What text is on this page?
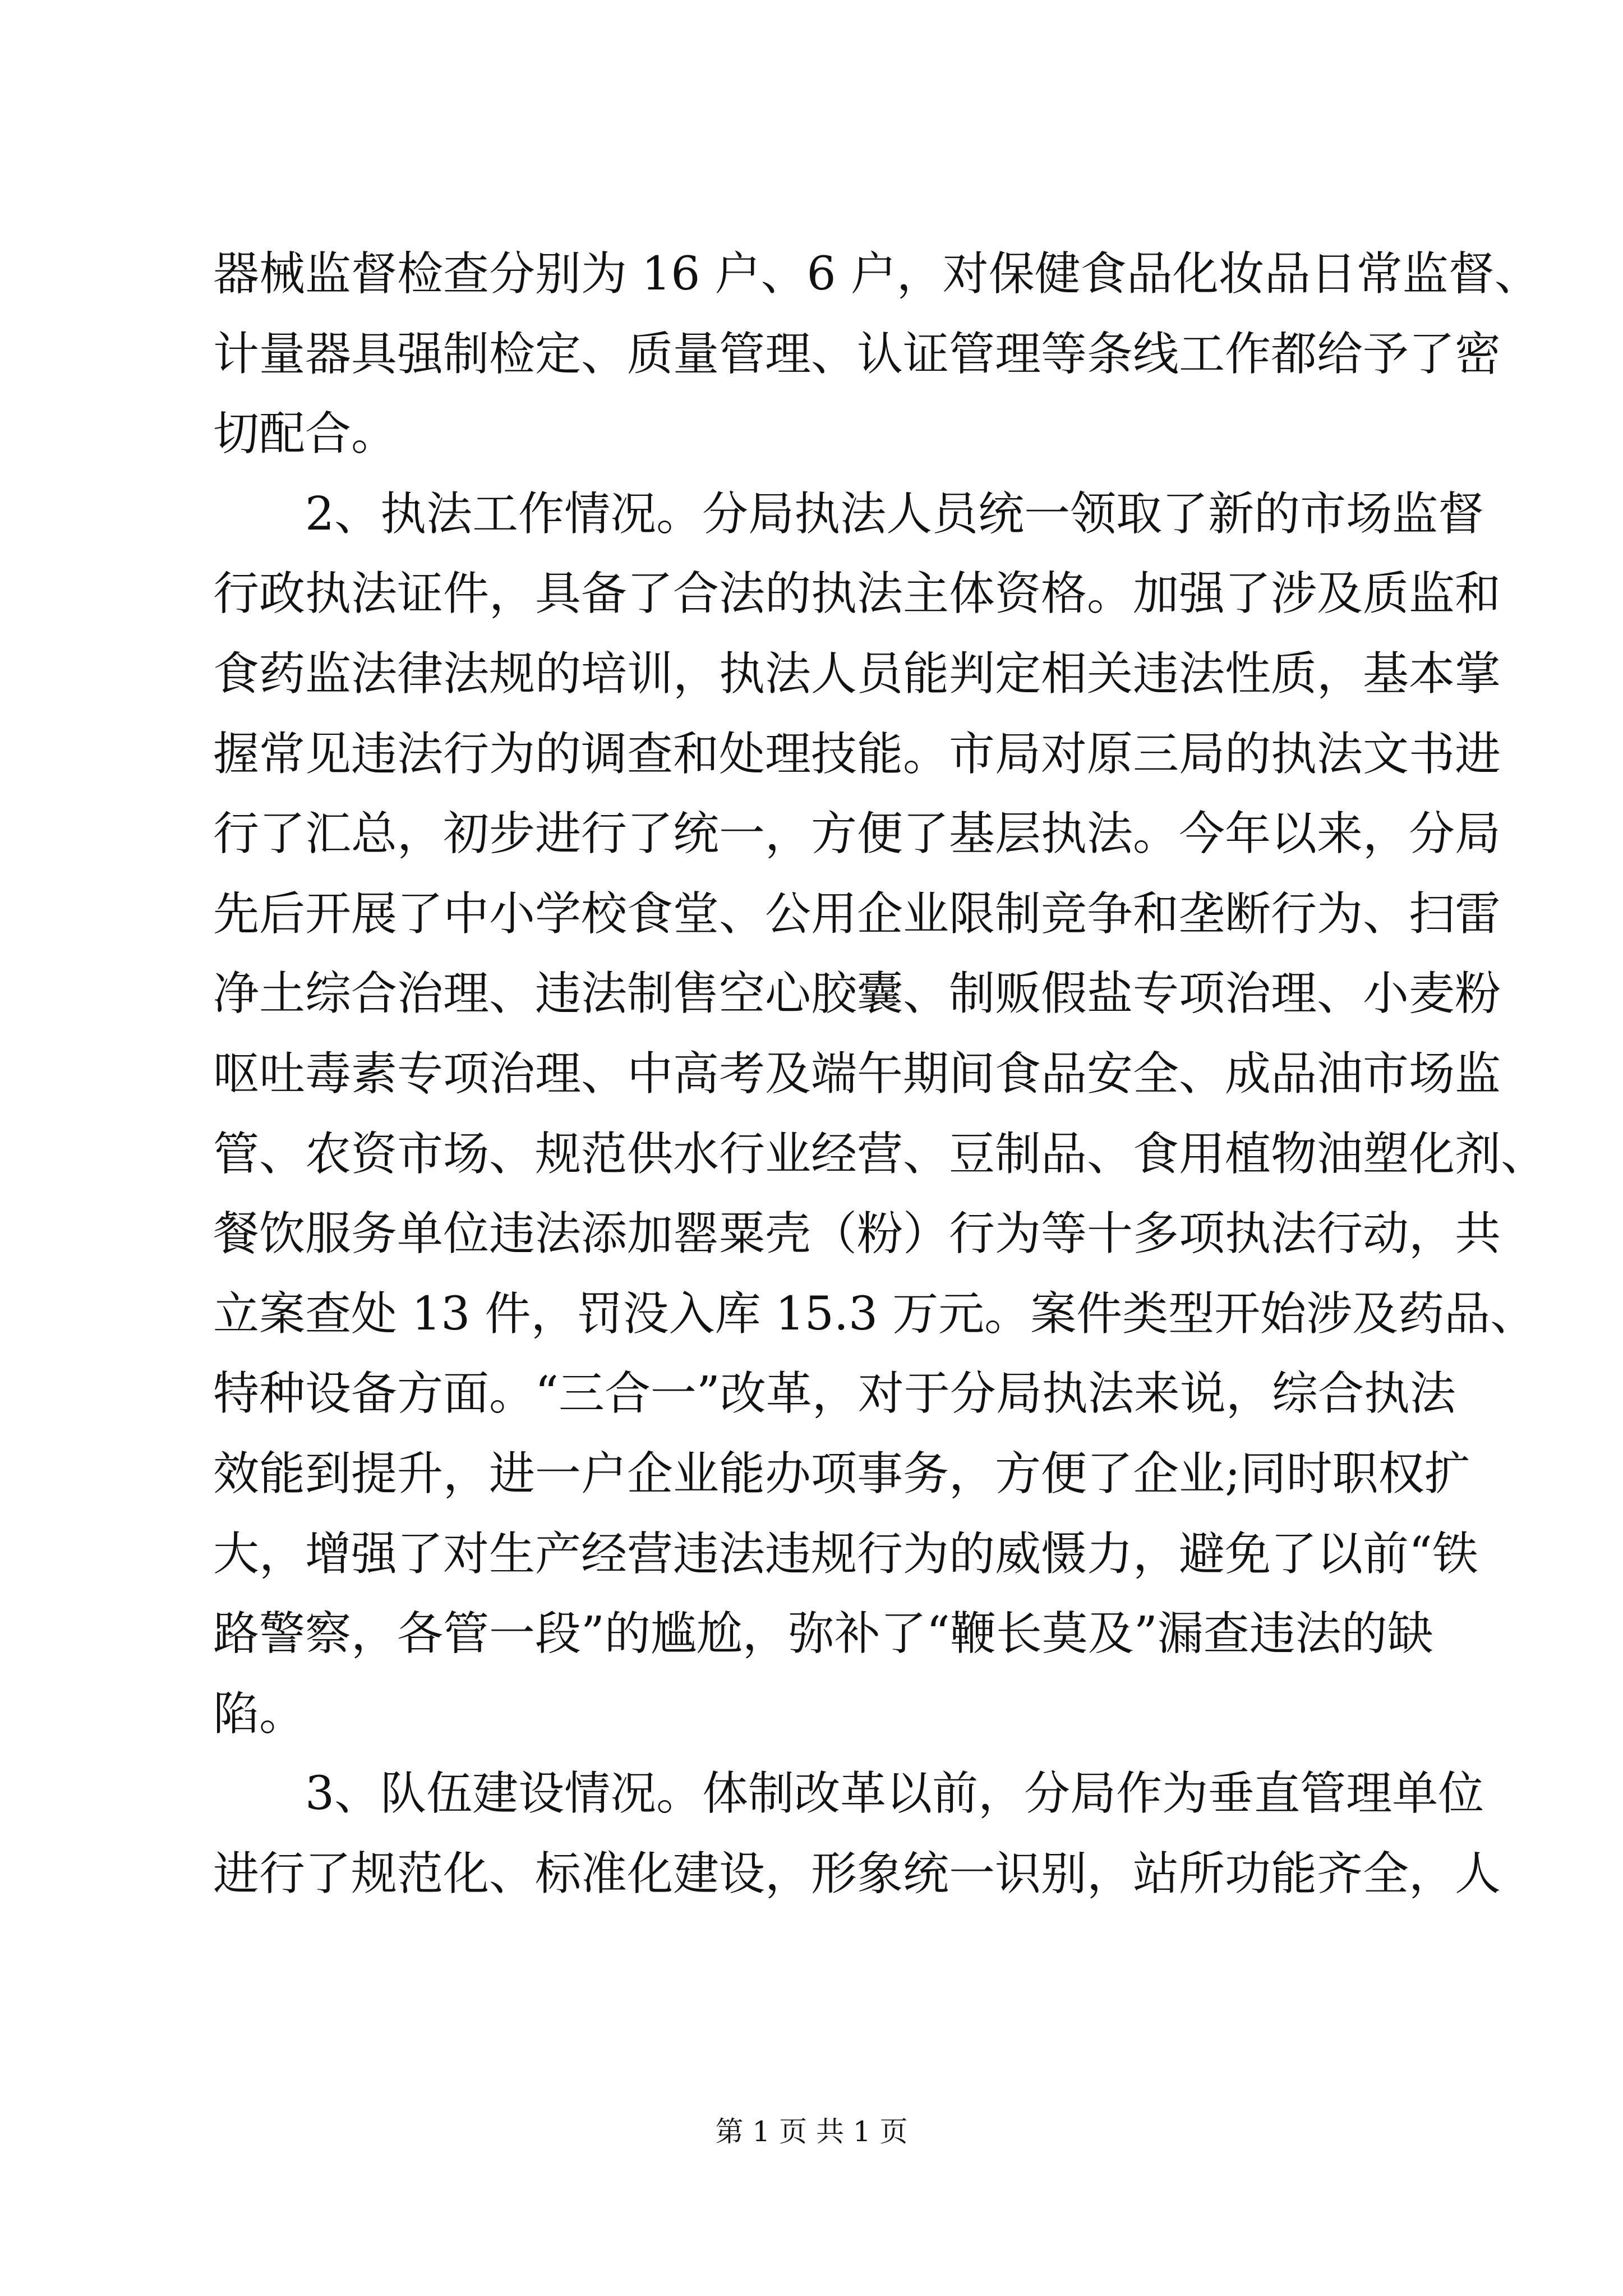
器械监督检查分别为 16 户、6 户，对保健食品化妆品日常监督、
计量器具强制检定、质量管理、认证管理等条线工作都给予了密
切配合。
　　2、执法工作情况。分局执法人员统一领取了新的市场监督
行政执法证件，具备了合法的执法主体资格。加强了涉及质监和
食药监法律法规的培训，执法人员能判定相关违法性质，基本掌
握常见违法行为的调查和处理技能。市局对原三局的执法文书进
行了汇总，初步进行了统一，方便了基层执法。今年以来，分局
先后开展了中小学校食堂、公用企业限制竞争和垄断行为、扫雷
净土综合治理、违法制售空心胶囊、制贩假盐专项治理、小麦粉
呕吐毒素专项治理、中高考及端午期间食品安全、成品油市场监
管、农资市场、规范供水行业经营、豆制品、食用植物油塑化剂、
餐饮服务单位违法添加罂粟壳（粉）行为等十多项执法行动，共
立案查处 13 件，罚没入库 15.3 万元。案件类型开始涉及药品、
特种设备方面。“三合一”改革，对于分局执法来说，综合执法
效能到提升，进一户企业能办项事务，方便了企业;同时职权扩
大，增强了对生产经营违法违规行为的威慑力，避免了以前“铁
路警察，各管一段”的尴尬，弥补了“鞭长莫及”漏查违法的缺
陷。
　　3、队伍建设情况。体制改革以前，分局作为垂直管理单位
进行了规范化、标准化建设，形象统一识别，站所功能齐全，人
第 1 页 共 1 页
